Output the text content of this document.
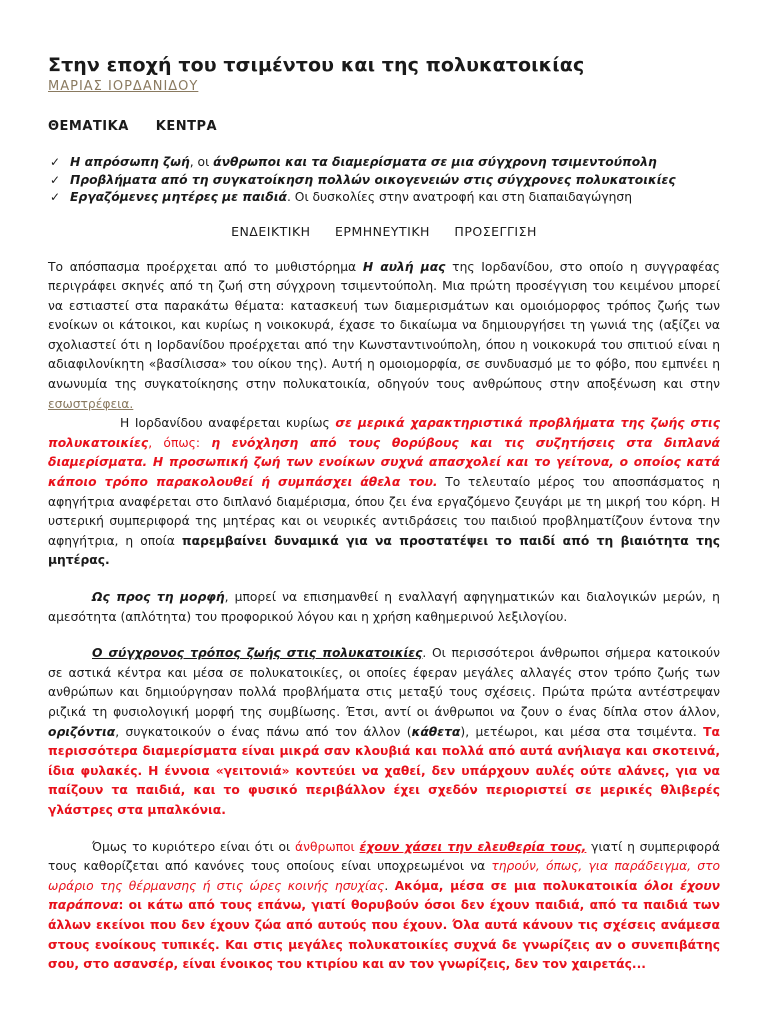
Στην εποχή του τσιμέντου και της πολυκατοικίας
ΜΑΡΙΑΣ ΙΟΡΔΑΝΙΔΟΥ
ΘΕΜΑΤΙΚΑ ΚΕΝΤΡΑ
✓ Η απρόσωπη ζωή, οι άνθρωποι και τα διαμερίσματα σε μια σύγχρονη τσιμεντούπολη
✓ Προβλήματα από τη συγκατοίκηση πολλών οικογενειών στις σύγχρονες πολυκατοικίες
✓ Εργαζόμενες μητέρες με παιδιά. Οι δυσκολίες στην ανατροφή και στη διαπαιδαγώγηση
ΕΝΔΕΙΚΤΙΚΗ ΕΡΜΗΝΕΥΤΙΚΗ ΠΡΟΣΕΓΓΙΣΗ

Το απόσπασμα προέρχεται από το μυθιστόρημα Η αυλή μας της Ιορδανίδου, στο οποίο η συγγραφέας περιγράφει σκηνές από τη ζωή στη σύγχρονη τσιμεντούπολη. Μια πρώτη προσέγγιση του κειμένου μπορεί να εστιαστεί στα παρακάτω θέματα: κατασκευή των διαμερισμάτων και ομοιόμορφος τρόπος ζωής των ενοίκων οι κάτοικοι, και κυρίως η νοικοκυρά, έχασε το δικαίωμα να δημιουργήσει τη γωνιά της (αξίζει να σχολιαστεί ότι η Ιορδανίδου προέρχεται από την Κωνσταντινούπολη, όπου η νοικοκυρά του σπιτιού είναι η αδιαφιλονίκητη «βασίλισσα» του οίκου της). Αυτή η ομοιομορφία, σε συνδυασμό με το φόβο, που εμπνέει η ανωνυμία της συγκατοίκησης στην πολυκατοικία, οδηγούν τους ανθρώπους στην αποξένωση και στην εσωστρέφεια.

Η Ιορδανίδου αναφέρεται κυρίως σε μερικά χαρακτηριστικά προβλήματα της ζωής στις πολυκατοικίες, όπως: η ενόχληση από τους θορύβους και τις συζητήσεις στα διπλανά διαμερίσματα. Η προσωπική ζωή των ενοίκων συχνά απασχολεί και το γείτονα, ο οποίος κατά κάποιο τρόπο παρακολουθεί ή συμπάσχει άθελα του. Το τελευταίο μέρος του αποσπάσματος η αφηγήτρια αναφέρεται στο διπλανό διαμέρισμα, όπου ζει ένα εργαζόμενο ζευγάρι με τη μικρή του κόρη. Η υστερική συμπεριφορά της μητέρας και οι νευρικές αντιδράσεις του παιδιού προβληματίζουν έντονα την αφηγήτρια, η οποία παρεμβαίνει δυναμικά για να προστατέψει το παιδί από τη βιαιότητα της μητέρας.

Ως προς τη μορφή, μπορεί να επισημανθεί η εναλλαγή αφηγηματικών και διαλογικών μερών, η αμεσότητα (απλότητα) του προφορικού λόγου και η χρήση καθημερινού λεξιλογίου.

Ο σύγχρονος τρόπος ζωής στις πολυκατοικίες. Οι περισσότεροι άνθρωποι σήμερα κατοικούν σε αστικά κέντρα και μέσα σε πολυκατοικίες, οι οποίες έφεραν μεγάλες αλλαγές στον τρόπο ζωής των ανθρώπων και δημιούργησαν πολλά προβλήματα στις μεταξύ τους σχέσεις. Πρώτα πρώτα αντέστρεψαν ριζικά τη φυσιολογική μορφή της συμβίωσης. Έτσι, αντί οι άνθρωποι να ζουν ο ένας δίπλα στον άλλον, οριζόντια, συγκατοικούν ο ένας πάνω από τον άλλον (κάθετα), μετέωροι, και μέσα στα τσιμέντα. Τα περισσότερα διαμερίσματα είναι μικρά σαν κλουβιά και πολλά από αυτά ανήλιαγα και σκοτεινά, ίδια φυλακές. Η έννοια «γειτονιά» κοντεύει να χαθεί, δεν υπάρχουν αυλές ούτε αλάνες, για να παίζουν τα παιδιά, και το φυσικό περιβάλλον έχει σχεδόν περιοριστεί σε μερικές θλιβερές γλάστρες στα μπαλκόνια.

Όμως το κυριότερο είναι ότι οι άνθρωποι έχουν χάσει την ελευθερία τους, γιατί η συμπεριφορά τους καθορίζεται από κανόνες τους οποίους είναι υποχρεωμένοι να τηρούν, όπως, για παράδειγμα, στο ωράριο της θέρμανσης ή στις ώρες κοινής ησυχίας. Ακόμα, μέσα σε μια πολυκατοικία όλοι έχουν παράπονα: οι κάτω από τους επάνω, γιατί θορυβούν όσοι δεν έχουν παιδιά, από τα παιδιά των άλλων εκείνοι που δεν έχουν ζώα από αυτούς που έχουν. Όλα αυτά κάνουν τις σχέσεις ανάμεσα στους ενοίκους τυπικές. Και στις μεγάλες πολυκατοικίες συχνά δε γνωρίζεις αν ο συνεπιβάτης σου, στο ασανσέρ, είναι ένοικος του κτιρίου και αν τον γνωρίζεις, δεν τον χαιρετάς...
